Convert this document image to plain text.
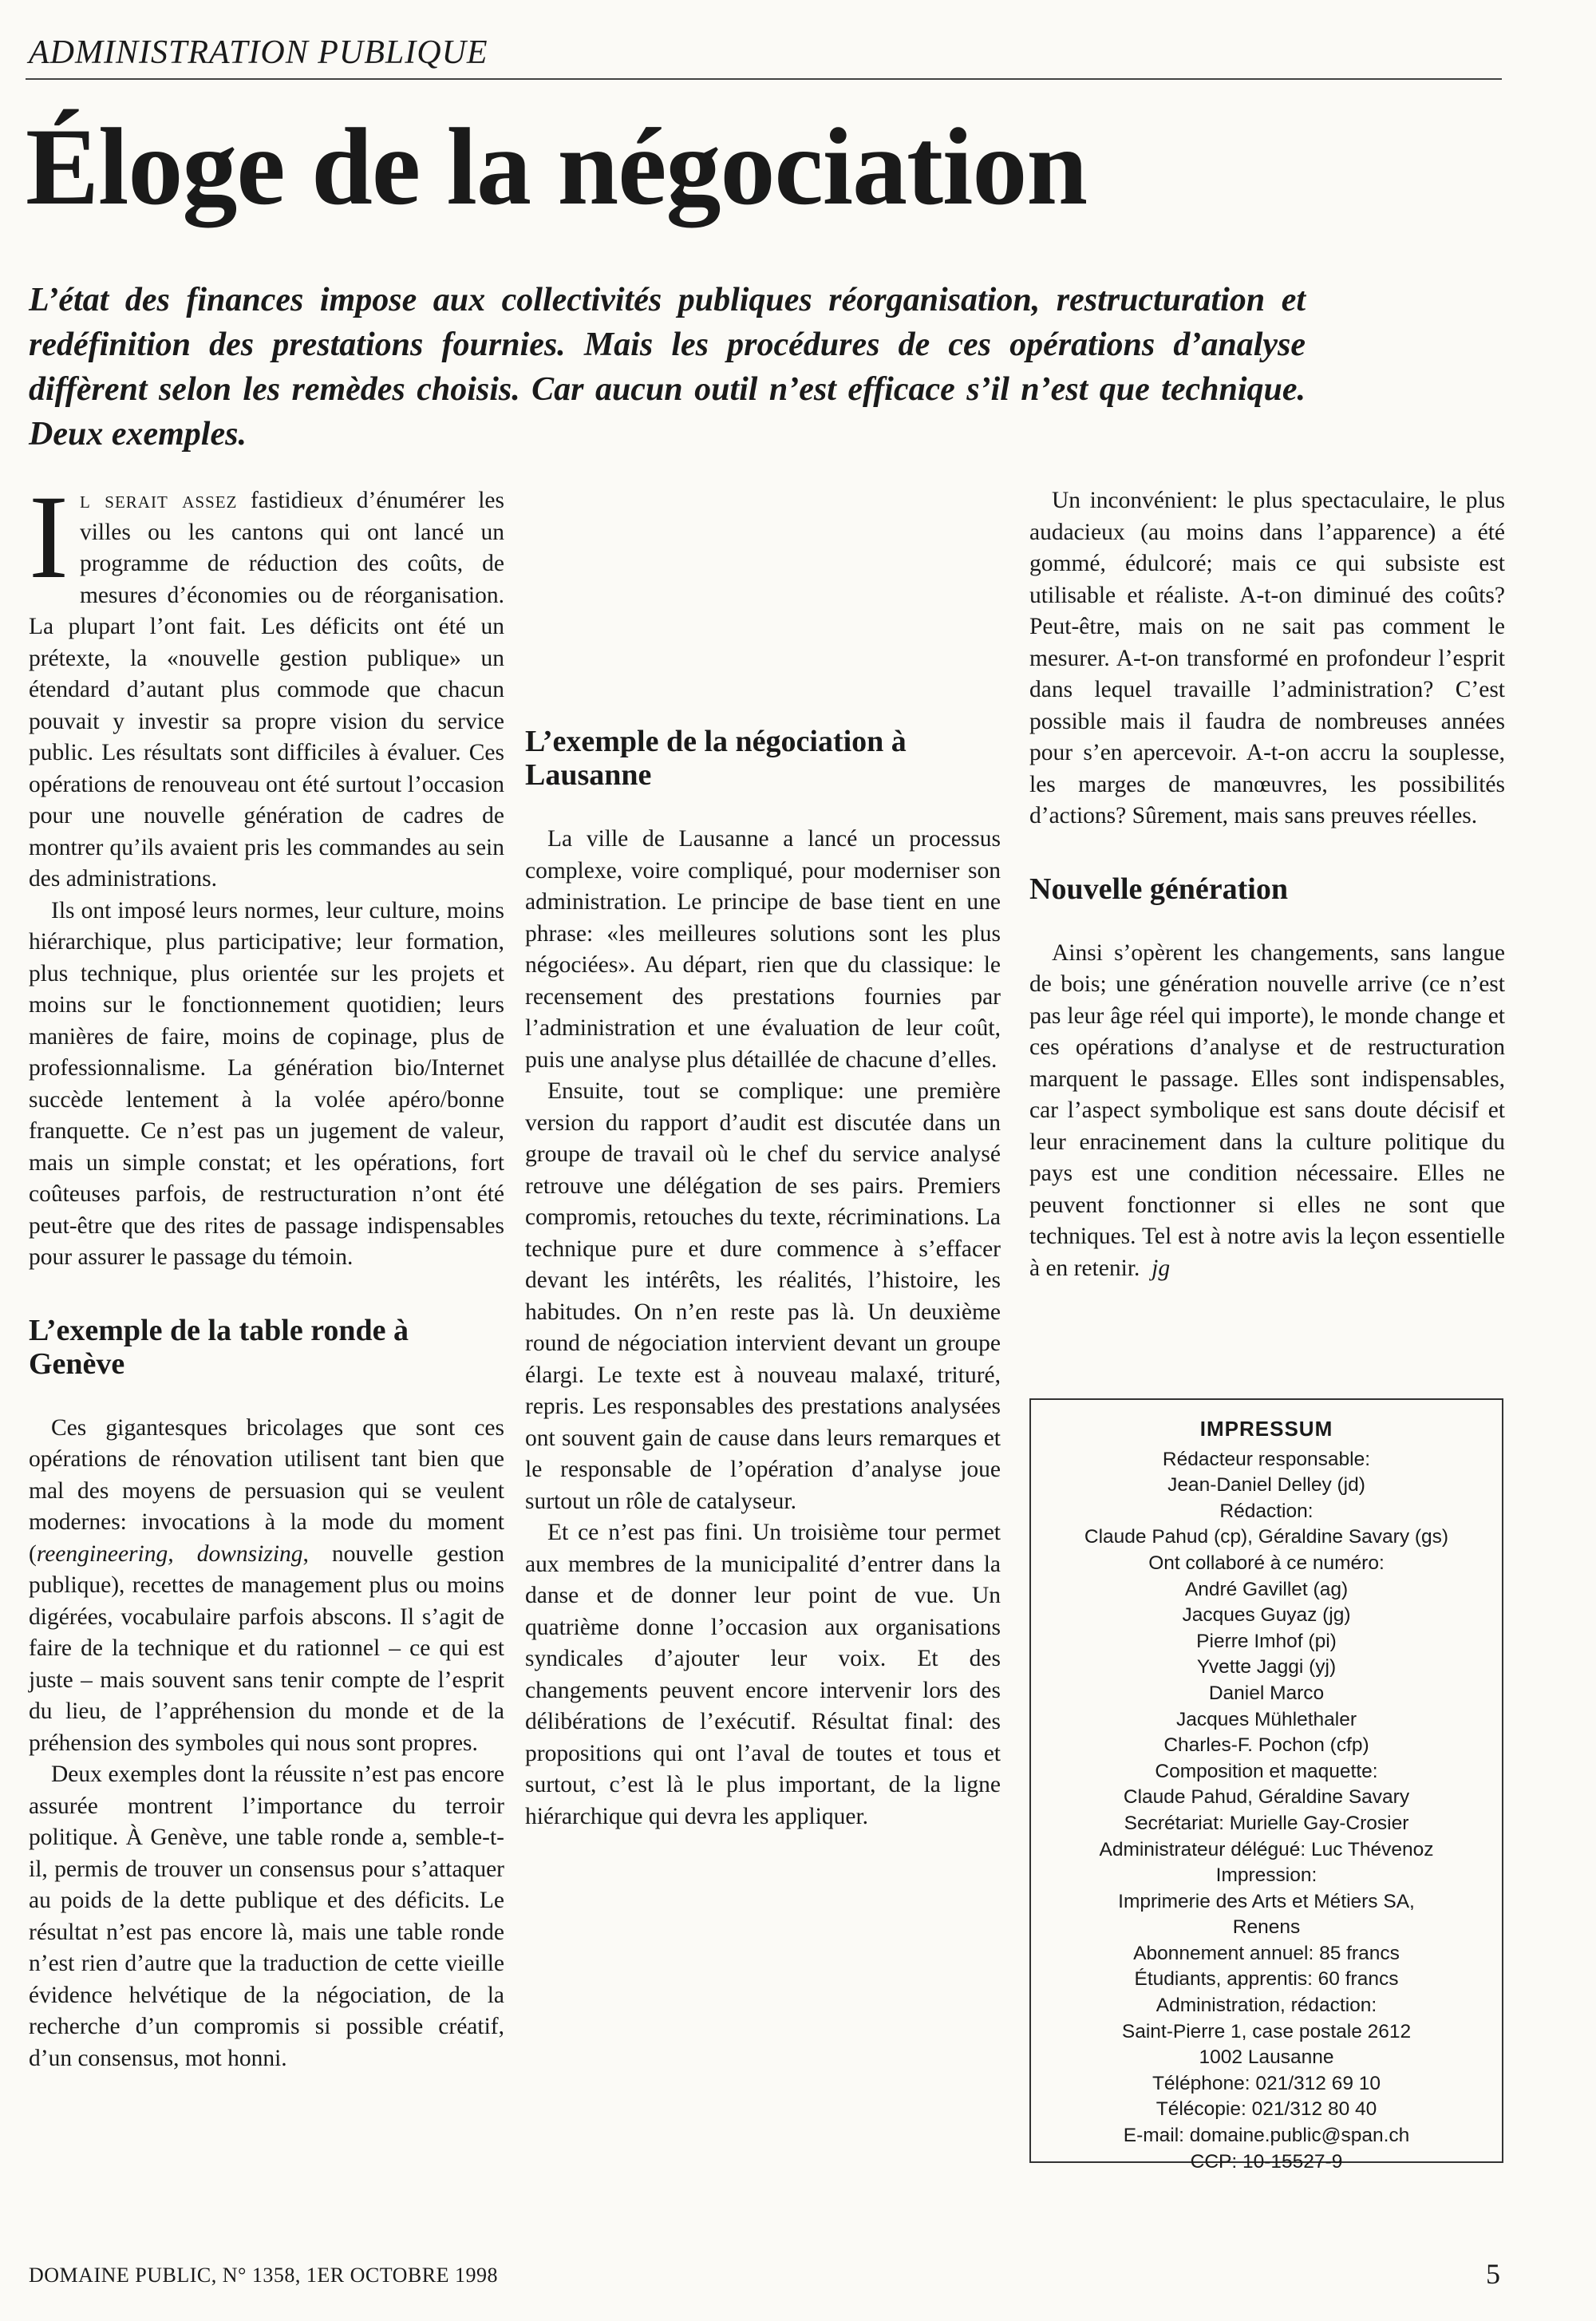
ADMINISTRATION PUBLIQUE
Éloge de la négociation
L’état des finances impose aux collectivités publiques réorganisation, restructuration et redéfinition des prestations fournies. Mais les procédures de ces opérations d’analyse diffèrent selon les remèdes choisis. Car aucun outil n’est efficace s’il n’est que technique. Deux exemples.

Il serait assez fastidieux d’énumérer les villes ou les cantons qui ont lancé un programme de réduction des coûts, de mesures d’économies ou de réorganisation. La plupart l’ont fait. Les déficits ont été un prétexte, la «nouvelle gestion publique» un étendard d’autant plus commode que chacun pouvait y investir sa propre vision du service public. Les résultats sont difficiles à évaluer. Ces opérations de renouveau ont été surtout l’occasion pour une nouvelle génération de cadres de montrer qu’ils avaient pris les commandes au sein des administrations.

Ils ont imposé leurs normes, leur culture, moins hiérarchique, plus participative; leur formation, plus technique, plus orientée sur les projets et moins sur le fonctionnement quotidien; leurs manières de faire, moins de copinage, plus de professionnalisme. La génération bio/Internet succède lentement à la volée apéro/bonne franquette. Ce n’est pas un jugement de valeur, mais un simple constat; et les opérations, fort coûteuses parfois, de restructuration n’ont été peut-être que des rites de passage indispensables pour assurer le passage du témoin.

L’exemple de la table ronde à Genève

Ces gigantesques bricolages que sont ces opérations de rénovation utilisent tant bien que mal des moyens de persuasion qui se veulent modernes: invocations à la mode du moment (reengineering, downsizing, nouvelle gestion publique), recettes de management plus ou moins digérées, vocabulaire parfois abscons. Il s’agit de faire de la technique et du rationnel – ce qui est juste – mais souvent sans tenir compte de l’esprit du lieu, de l’appréhension du monde et de la préhension des symboles qui nous sont propres.

Deux exemples dont la réussite n’est pas encore assurée montrent l’importance du terroir politique. À Genève, une table ronde a, semble-t-il, permis de trouver un consensus pour s’attaquer au poids de la dette publique et des déficits. Le résultat n’est pas encore là, mais une table ronde n’est rien d’autre que la traduction de cette vieille évidence helvétique de la négociation, de la recherche d’un compromis si possible créatif, d’un consensus, mot honni.

L’exemple de la négociation à Lausanne

La ville de Lausanne a lancé un processus complexe, voire compliqué, pour moderniser son administration. Le principe de base tient en une phrase: «les meilleures solutions sont les plus négociées». Au départ, rien que du classique: le recensement des prestations fournies par l’administration et une évaluation de leur coût, puis une analyse plus détaillée de chacune d’elles.

Ensuite, tout se complique: une première version du rapport d’audit est discutée dans un groupe de travail où le chef du service analysé retrouve une délégation de ses pairs. Premiers compromis, retouches du texte, récriminations. La technique pure et dure commence à s’effacer devant les intérêts, les réalités, l’histoire, les habitudes. On n’en reste pas là. Un deuxième round de négociation intervient devant un groupe élargi. Le texte est à nouveau malaxé, trituré, repris. Les responsables des prestations analysées ont souvent gain de cause dans leurs remarques et le responsable de l’opération d’analyse joue surtout un rôle de catalyseur.

Et ce n’est pas fini. Un troisième tour permet aux membres de la municipalité d’entrer dans la danse et de donner leur point de vue. Un quatrième donne l’occasion aux organisations syndicales d’ajouter leur voix. Et des changements peuvent encore intervenir lors des délibérations de l’exécutif. Résultat final: des propositions qui ont l’aval de toutes et tous et surtout, c’est là le plus important, de la ligne hiérarchique qui devra les appliquer.

Un inconvénient: le plus spectaculaire, le plus audacieux (au moins dans l’apparence) a été gommé, édulcoré; mais ce qui subsiste est utilisable et réaliste. A-t-on diminué des coûts? Peut-être, mais on ne sait pas comment le mesurer. A-t-on transformé en profondeur l’esprit dans lequel travaille l’administration? C’est possible mais il faudra de nombreuses années pour s’en apercevoir. A-t-on accru la souplesse, les marges de manœuvres, les possibilités d’actions? Sûrement, mais sans preuves réelles.

Nouvelle génération

Ainsi s’opèrent les changements, sans langue de bois; une génération nouvelle arrive (ce n’est pas leur âge réel qui importe), le monde change et ces opérations d’analyse et de restructuration marquent le passage. Elles sont indispensables, car l’aspect symbolique est sans doute décisif et leur enracinement dans la culture politique du pays est une condition nécessaire. Elles ne peuvent fonctionner si elles ne sont que techniques. Tel est à notre avis la leçon essentielle à en retenir. jg

IMPRESSUM
Rédacteur responsable:
Jean-Daniel Delley (jd)
Rédaction:
Claude Pahud (cp), Géraldine Savary (gs)
Ont collaboré à ce numéro:
André Gavillet (ag)
Jacques Guyaz (jg)
Pierre Imhof (pi)
Yvette Jaggi (yj)
Daniel Marco
Jacques Mühlethaler
Charles-F. Pochon (cfp)
Composition et maquette:
Claude Pahud, Géraldine Savary
Secrétariat: Murielle Gay-Crosier
Administrateur délégué: Luc Thévenoz
Impression:
Imprimerie des Arts et Métiers SA,
Renens
Abonnement annuel: 85 francs
Étudiants, apprentis: 60 francs
Administration, rédaction:
Saint-Pierre 1, case postale 2612
1002 Lausanne
Téléphone: 021/312 69 10
Télécopie: 021/312 80 40
E-mail: domaine.public@span.ch
CCP: 10-15527-9
DOMAINE PUBLIC, N° 1358, 1ER OCTOBRE 1998	5
